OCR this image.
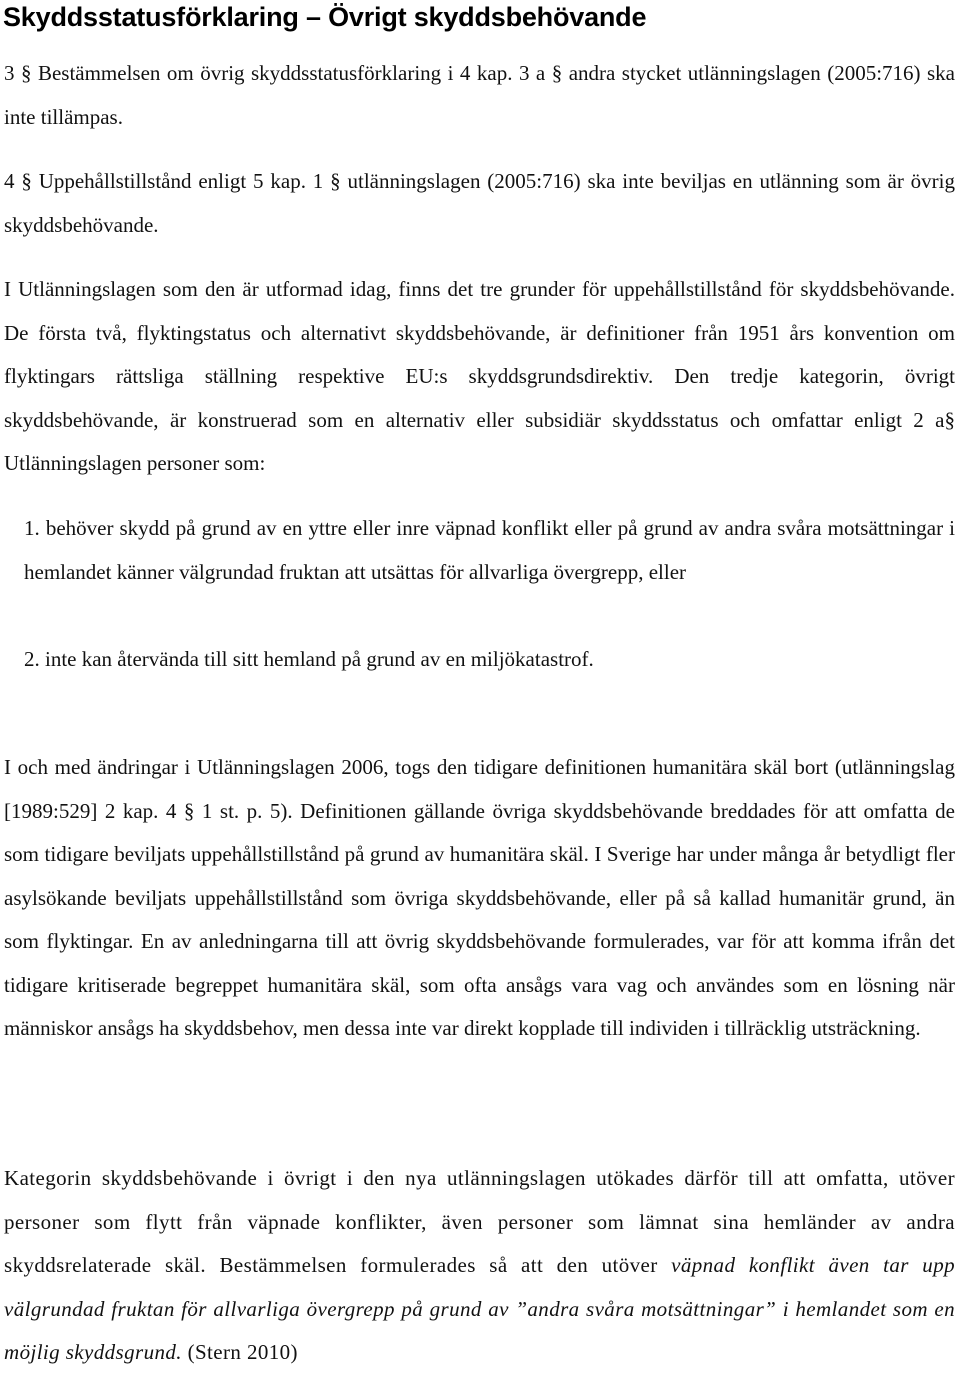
Skyddsstatusförklaring – Övrigt skyddsbehövande

3 § Bestämmelsen om övrig skyddsstatusförklaring i 4 kap. 3 a § andra stycket utlänningslagen (2005:716) ska inte tillämpas.

4 § Uppehållstillstånd enligt 5 kap. 1 § utlänningslagen (2005:716) ska inte beviljas en utlänning som är övrig skyddsbehövande.

I Utlänningslagen som den är utformad idag, finns det tre grunder för uppehållstillstånd för skyddsbehövande. De första två, flyktingstatus och alternativt skyddsbehövande, är definitioner från 1951 års konvention om flyktingars rättsliga ställning respektive EU:s skyddsgrundsdirektiv. Den tredje kategorin, övrigt skyddsbehövande, är konstruerad som en alternativ eller subsidiär skyddsstatus och omfattar enligt 2 a§ Utlänningslagen personer som:

1. behöver skydd på grund av en yttre eller inre väpnad konflikt eller på grund av andra svåra motsättningar i hemlandet känner välgrundad fruktan att utsättas för allvarliga övergrepp, eller

2. inte kan återvända till sitt hemland på grund av en miljökatastrof.

I och med ändringar i Utlänningslagen 2006, togs den tidigare definitionen humanitära skäl bort (utlänningslag [1989:529] 2 kap. 4 § 1 st. p. 5). Definitionen gällande övriga skyddsbehövande breddades för att omfatta de som tidigare beviljats uppehållstillstånd på grund av humanitära skäl. I Sverige har under många år betydligt fler asylsökande beviljats uppehållstillstånd som övriga skyddsbehövande, eller på så kallad humanitär grund, än som flyktingar. En av anledningarna till att övrig skyddsbehövande formulerades, var för att komma ifrån det tidigare kritiserade begreppet humanitära skäl, som ofta ansågs vara vag och användes som en lösning när människor ansågs ha skyddsbehov, men dessa inte var direkt kopplade till individen i tillräcklig utsträckning.

Kategorin skyddsbehövande i övrigt i den nya utlänningslagen utökades därför till att omfatta, utöver personer som flytt från väpnade konflikter, även personer som lämnat sina hemländer av andra skyddsrelaterade skäl. Bestämmelsen formulerades så att den utöver väpnad konflikt även tar upp välgrundad fruktan för allvarliga övergrepp på grund av ”andra svåra motsättningar” i hemlandet som en möjlig skyddsgrund. (Stern 2010)
